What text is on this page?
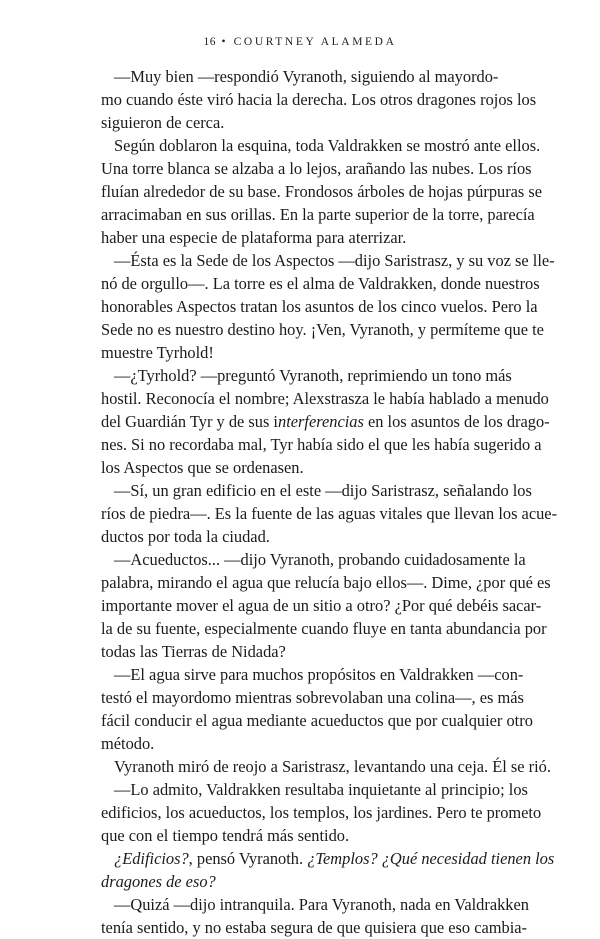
16 • COURTNEY ALAMEDA
—Muy bien —respondió Vyranoth, siguiendo al mayordo-
mo cuando éste viró hacia la derecha. Los otros dragones rojos los
siguieron de cerca.
Según doblaron la esquina, toda Valdrakken se mostró ante ellos.
Una torre blanca se alzaba a lo lejos, arañando las nubes. Los ríos
fluían alrededor de su base. Frondosos árboles de hojas púrpuras se
arracimaban en sus orillas. En la parte superior de la torre, parecía
haber una especie de plataforma para aterrizar.
—Ésta es la Sede de los Aspectos —dijo Saristrasz, y su voz se lle-
nó de orgullo—. La torre es el alma de Valdrakken, donde nuestros
honorables Aspectos tratan los asuntos de los cinco vuelos. Pero la
Sede no es nuestro destino hoy. ¡Ven, Vyranoth, y permíteme que te
muestre Tyrhold!
—¿Tyrhold? —preguntó Vyranoth, reprimiendo un tono más
hostil. Reconocía el nombre; Alexstrasza le había hablado a menudo
del Guardián Tyr y de sus interferencias en los asuntos de los drago-
nes. Si no recordaba mal, Tyr había sido el que les había sugerido a
los Aspectos que se ordenasen.
—Sí, un gran edificio en el este —dijo Saristrasz, señalando los
ríos de piedra—. Es la fuente de las aguas vitales que llevan los acue-
ductos por toda la ciudad.
—Acueductos... —dijo Vyranoth, probando cuidadosamente la
palabra, mirando el agua que relucía bajo ellos—. Dime, ¿por qué es
importante mover el agua de un sitio a otro? ¿Por qué debéis sacar-
la de su fuente, especialmente cuando fluye en tanta abundancia por
todas las Tierras de Nidada?
—El agua sirve para muchos propósitos en Valdrakken —con-
testó el mayordomo mientras sobrevolaban una colina—, es más
fácil conducir el agua mediante acueductos que por cualquier otro
método.
Vyranoth miró de reojo a Saristrasz, levantando una ceja. Él se rió.
—Lo admito, Valdrakken resultaba inquietante al principio; los
edificios, los acueductos, los templos, los jardines. Pero te prometo
que con el tiempo tendrá más sentido.
¿Edificios?, pensó Vyranoth. ¿Templos? ¿Qué necesidad tienen los
dragones de eso?
—Quizá —dijo intranquila. Para Vyranoth, nada en Valdrakken
tenía sentido, y no estaba segura de que quisiera que eso cambia-
